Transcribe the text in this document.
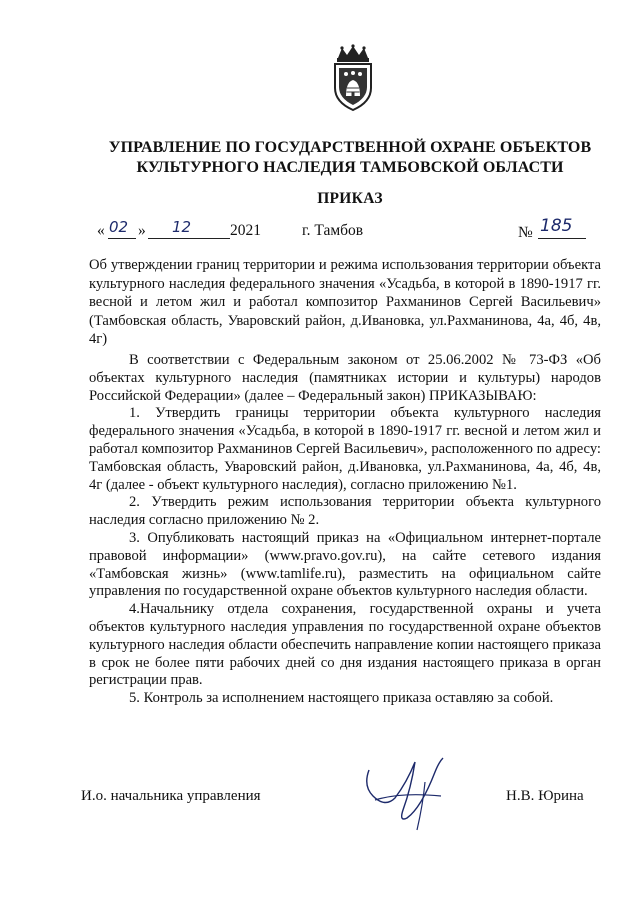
УПРАВЛЕНИЕ ПО ГОСУДАРСТВЕННОЙ ОХРАНЕ ОБЪЕКТОВ
КУЛЬТУРНОГО НАСЛЕДИЯ ТАМБОВСКОЙ ОБЛАСТИ
ПРИКАЗ
« 02 » 12	2021	г. Тамбов	№ 185
Об утверждении границ территории и режима использования территории объекта культурного наследия федерального значения «Усадьба, в которой в 1890-1917 гг. весной и летом жил и работал композитор Рахманинов Сергей Васильевич» (Тамбовская область, Уваровский район, д.Ивановка, ул.Рахманинова, 4а, 4б, 4в, 4г)

В соответствии с Федеральным законом от 25.06.2002 № 73-ФЗ «Об объектах культурного наследия (памятниках истории и культуры) народов Российской Федерации» (далее – Федеральный закон) ПРИКАЗЫВАЮ:

1. Утвердить границы территории объекта культурного наследия федерального значения «Усадьба, в которой в 1890-1917 гг. весной и летом жил и работал композитор Рахманинов Сергей Васильевич», расположенного по адресу: Тамбовская область, Уваровский район, д.Ивановка, ул.Рахманинова, 4а, 4б, 4в, 4г (далее - объект культурного наследия), согласно приложению №1.

2. Утвердить режим использования территории объекта культурного наследия согласно приложению № 2.

3. Опубликовать настоящий приказ на «Официальном интернет-портале правовой информации» (www.pravo.gov.ru), на сайте сетевого издания «Тамбовская жизнь» (www.tamlife.ru), разместить на официальном сайте управления по государственной охране объектов культурного наследия области.

4.Начальнику отдела сохранения, государственной охраны и учета объектов культурного наследия управления по государственной охране объектов культурного наследия области обеспечить направление копии настоящего приказа в срок не более пяти рабочих дней со дня издания настоящего приказа в орган регистрации прав.

5. Контроль за исполнением настоящего приказа оставляю за собой.

И.о. начальника управления	Н.В. Юрина
